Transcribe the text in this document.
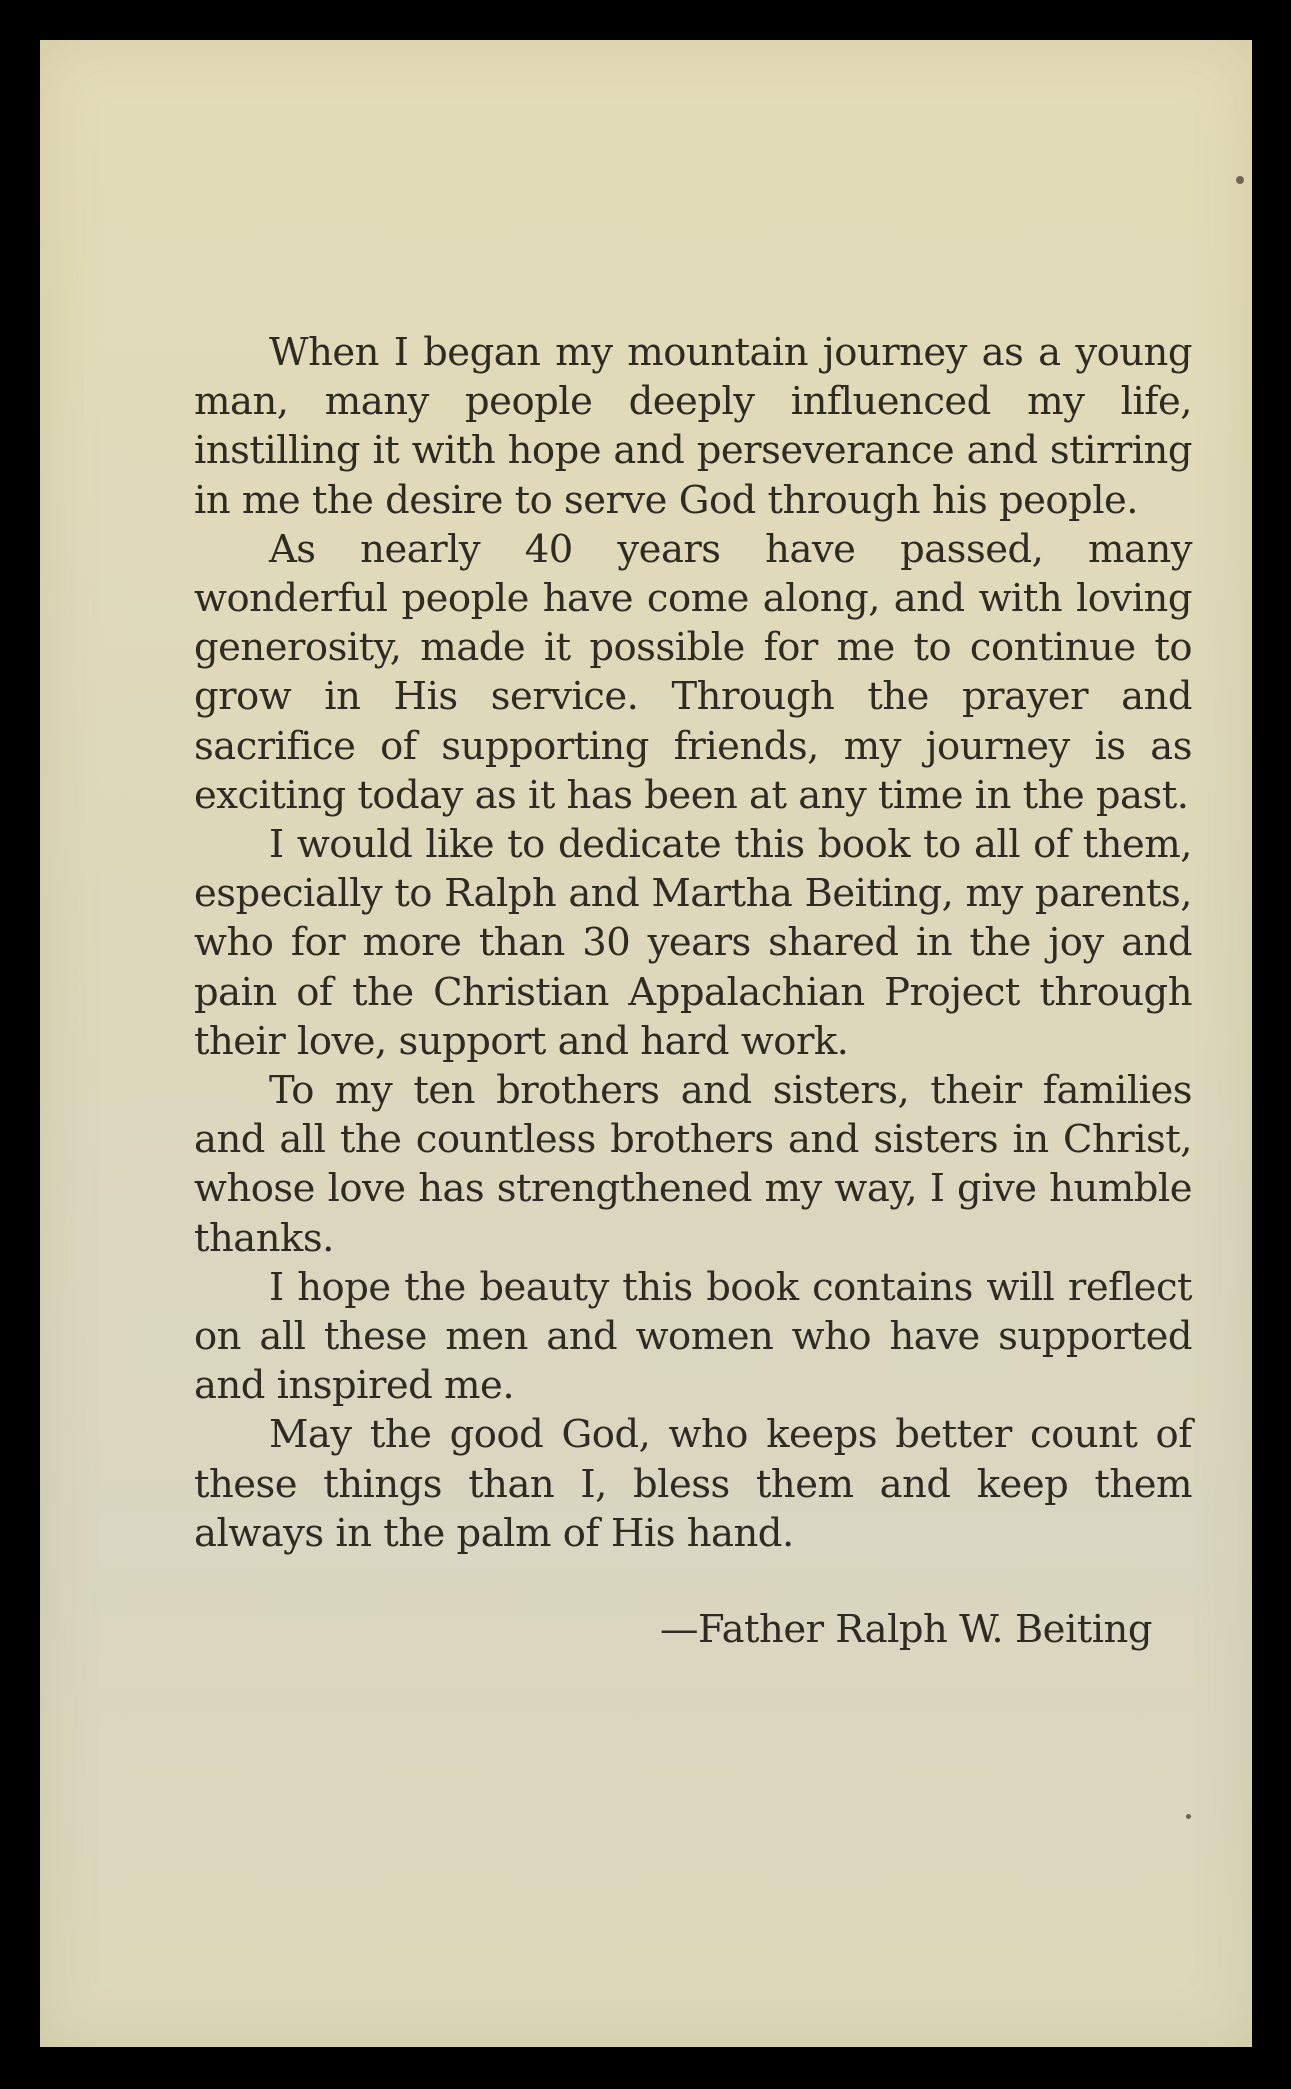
When I began my mountain journey as a young man, many people deeply influenced my life, instilling it with hope and perseverance and stirring in me the desire to serve God through his people.

As nearly 40 years have passed, many wonderful people have come along, and with loving generosity, made it possible for me to continue to grow in His service. Through the prayer and sacrifice of supporting friends, my journey is as exciting today as it has been at any time in the past.

I would like to dedicate this book to all of them, especially to Ralph and Martha Beiting, my parents, who for more than 30 years shared in the joy and pain of the Christian Appalachian Project through their love, support and hard work.

To my ten brothers and sisters, their families and all the countless brothers and sisters in Christ, whose love has strengthened my way, I give humble thanks.

I hope the beauty this book contains will reflect on all these men and women who have supported and inspired me.

May the good God, who keeps better count of these things than I, bless them and keep them always in the palm of His hand.

—Father Ralph W. Beiting
